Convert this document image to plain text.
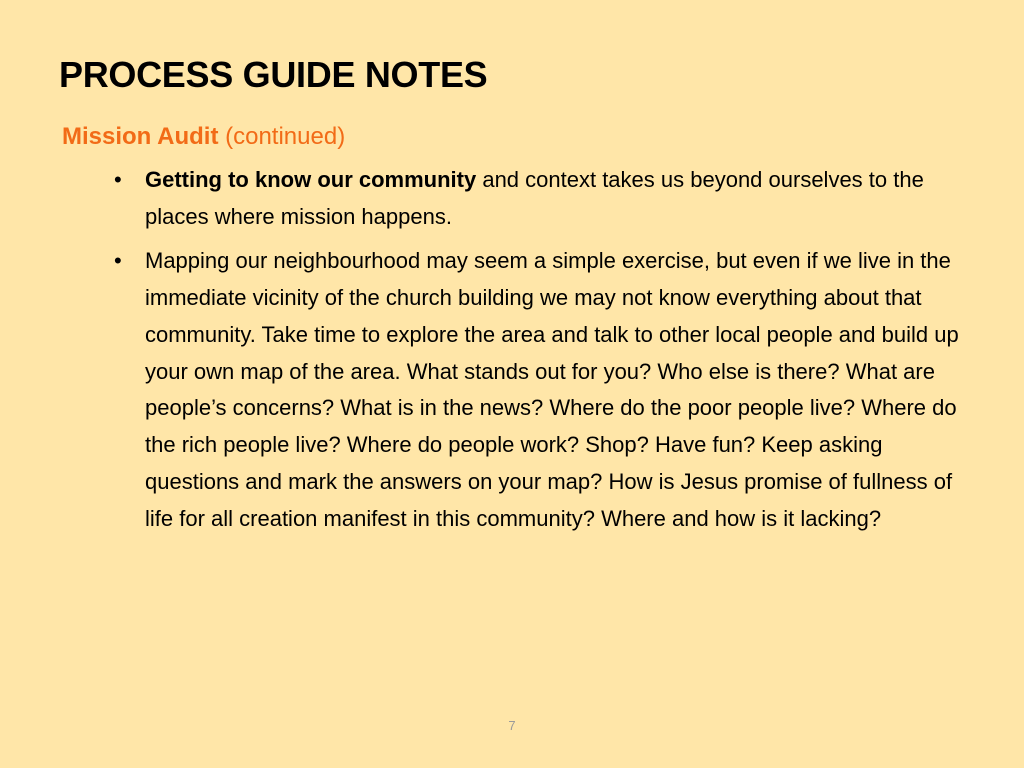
PROCESS GUIDE NOTES

Mission Audit (continued)

•	Getting to know our community and context takes us beyond ourselves to the places where mission happens.
•	Mapping our neighbourhood may seem a simple exercise, but even if we live in the immediate vicinity of the church building we may not know everything about that community. Take time to explore the area and talk to other local people and build up your own map of the area. What stands out for you? Who else is there? What are people’s concerns? What is in the news? Where do the poor people live? Where do the rich people live? Where do people work? Shop? Have fun? Keep asking questions and mark the answers on your map? How is Jesus promise of fullness of life for all creation manifest in this community? Where and how is it lacking?
7
